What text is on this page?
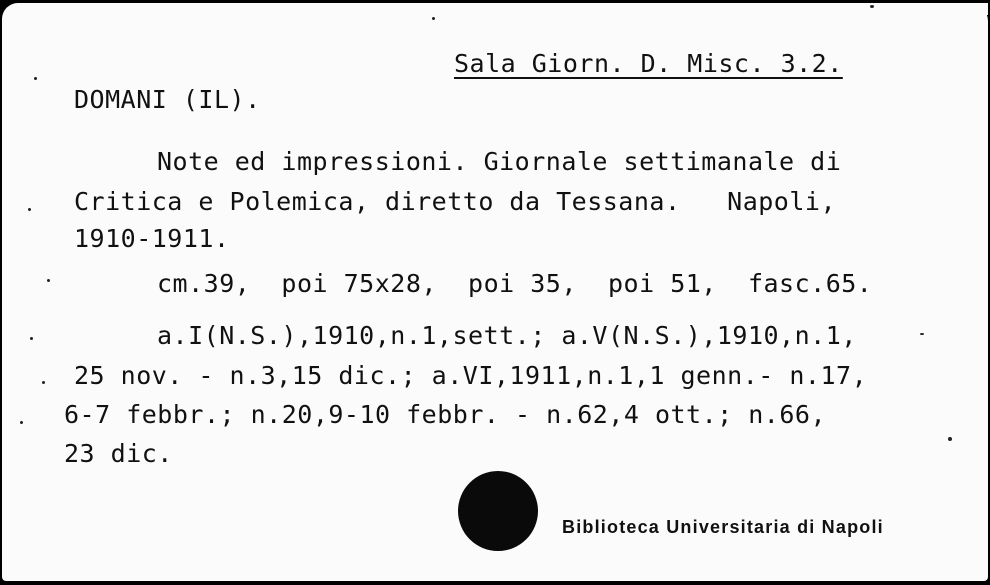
Sala Giorn. D. Misc. 3.2.
DOMANI (IL).
Note ed impressioni. Giornale settimanale di
Critica e Polemica, diretto da Tessana.   Napoli,
1910-1911.
cm.39,  poi 75x28,  poi 35,  poi 51,  fasc.65.
a.I(N.S.),1910,n.1,sett.; a.V(N.S.),1910,n.1,
25 nov. - n.3,15 dic.; a.VI,1911,n.1,1 genn.- n.17,
6-7 febbr.; n.20,9-10 febbr. - n.62,4 ott.; n.66,
23 dic.
Biblioteca Universitaria di Napoli
